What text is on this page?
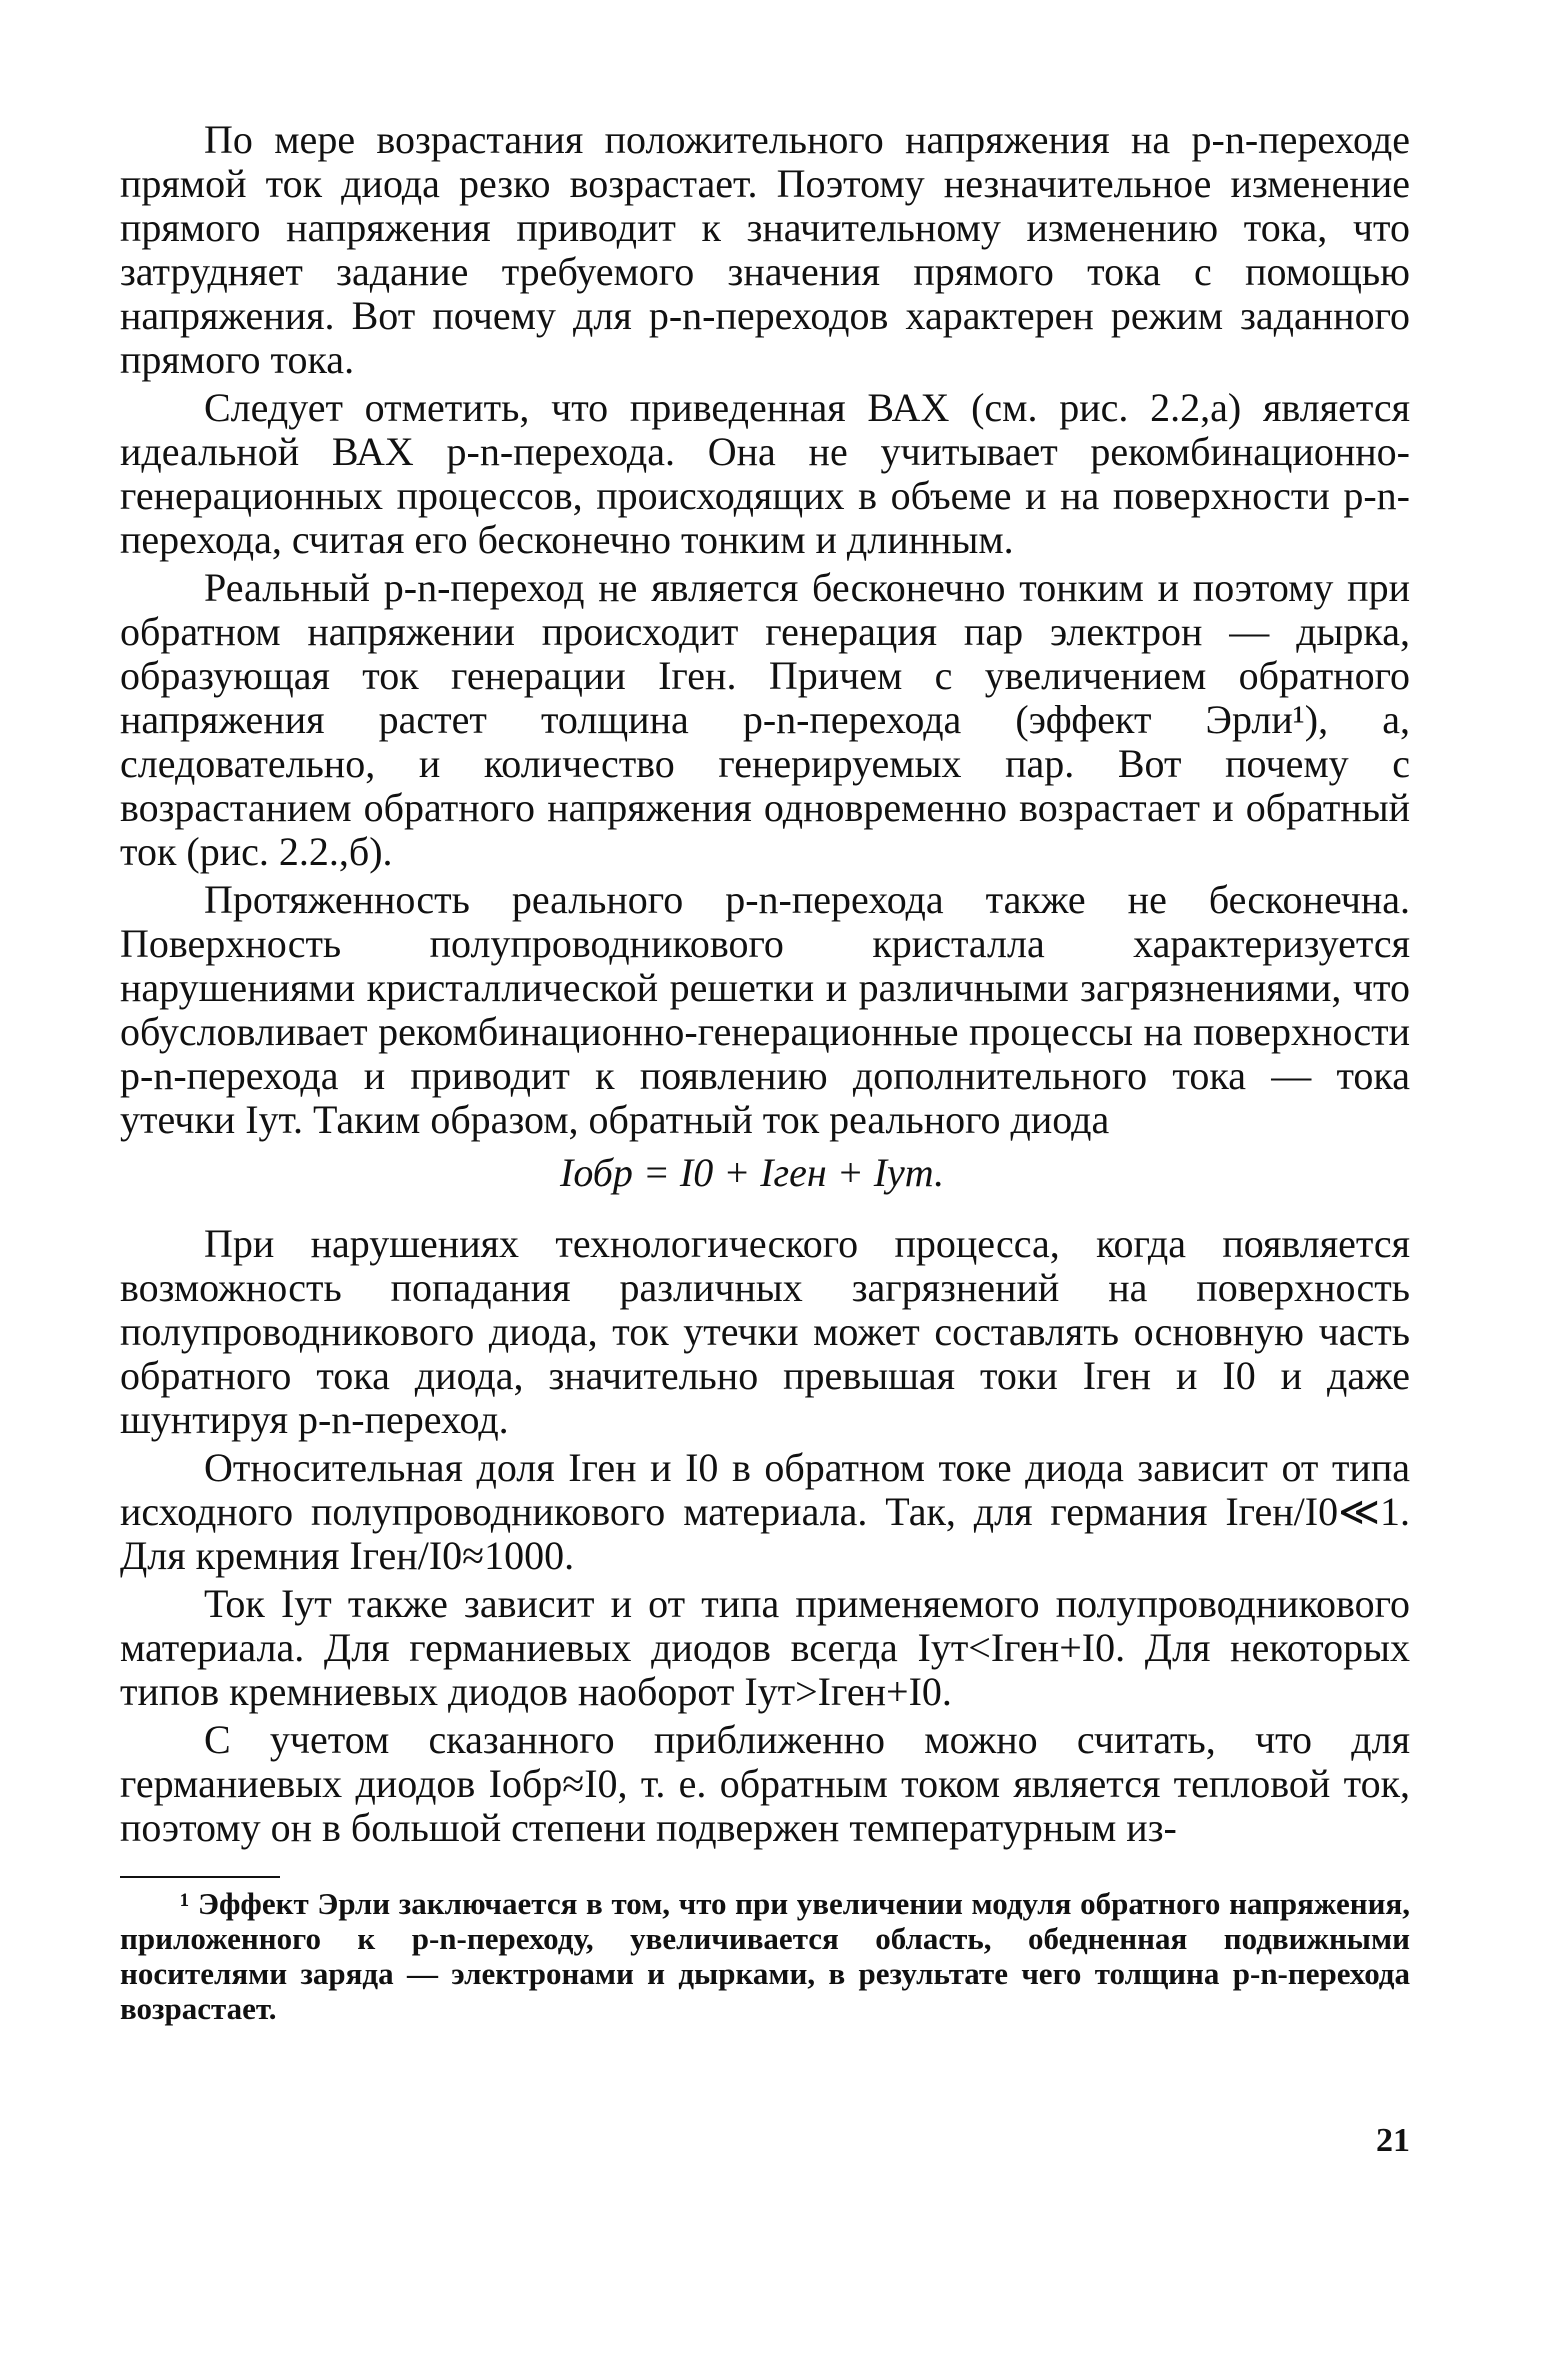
По мере возрастания положительного напряжения на p-n-переходе прямой ток диода резко возрастает. Поэтому незначительное изменение прямого напряжения приводит к значительному изменению тока, что затрудняет задание требуемого значения прямого тока с помощью напряжения. Вот почему для p-n-переходов характерен режим заданного прямого тока.

Следует отметить, что приведенная ВАХ (см. рис. 2.2,а) является идеальной ВАХ p-n-перехода. Она не учитывает рекомбинационно-генерационных процессов, происходящих в объеме и на поверхности p-n-перехода, считая его бесконечно тонким и длинным.

Реальный p-n-переход не является бесконечно тонким и поэтому при обратном напряжении происходит генерация пар электрон — дырка, образующая ток генерации Iген. Причем с увеличением обратного напряжения растет толщина p-n-перехода (эффект Эрли¹), а, следовательно, и количество генерируемых пар. Вот почему с возрастанием обратного напряжения одновременно возрастает и обратный ток (рис. 2.2.,б).

Протяженность реального p-n-перехода также не бесконечна. Поверхность полупроводникового кристалла характеризуется нарушениями кристаллической решетки и различными загрязнениями, что обусловливает рекомбинационно-генерационные процессы на поверхности p-n-перехода и приводит к появлению дополнительного тока — тока утечки Iут. Таким образом, обратный ток реального диода

Iобр = I0 + Iген + Iут.

При нарушениях технологического процесса, когда появляется возможность попадания различных загрязнений на поверхность полупроводникового диода, ток утечки может составлять основную часть обратного тока диода, значительно превышая токи Iген и I0 и даже шунтируя p-n-переход.

Относительная доля Iген и I0 в обратном токе диода зависит от типа исходного полупроводникового материала. Так, для германия Iген/I0≪1. Для кремния Iген/I0≈1000.

Ток Iут также зависит и от типа применяемого полупроводникового материала. Для германиевых диодов всегда Iут<Iген+I0. Для некоторых типов кремниевых диодов наоборот Iут>Iген+I0.

С учетом сказанного приближенно можно считать, что для германиевых диодов Iобр≈I0, т. е. обратным током является тепловой ток, поэтому он в большой степени подвержен температурным из-

¹ Эффект Эрли заключается в том, что при увеличении модуля обратного напряжения, приложенного к p-n-переходу, увеличивается область, обедненная подвижными носителями заряда — электронами и дырками, в результате чего толщина p-n-перехода возрастает.

21
